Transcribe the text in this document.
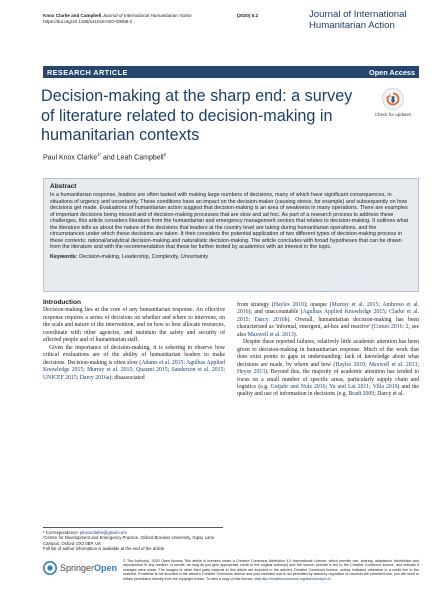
Knox Clarke and Campbell Journal of International Humanitarian Action
https://doi.org/10.1186/s41018-020-00068-2
(2020) 5:2	Journal of International Humanitarian Action
RESEARCH ARTICLE	Open Access
Decision-making at the sharp end: a survey of literature related to decision-making in humanitarian contexts
Check for updates
Paul Knox Clarke$^{1*}$ and Leah Campbell$^2$
Abstract

In a humanitarian response, leaders are often tasked with making large numbers of decisions, many of which have significant consequences, in situations of urgency and uncertainty. These conditions have an impact on the decision-maker (causing stress, for example) and subsequently on how decisions get made. Evaluations of humanitarian action suggest that decision-making is an area of weakness in many operations. There are examples of important decisions being missed and of decision-making processes that are slow and ad hoc. As part of a research process to address these challenges, this article considers literature from the humanitarian and emergency management sectors that relates to decision-making. It outlines what the literature tells us about the nature of the decisions that leaders at the country level are taking during humanitarian operations, and the circumstances under which these decisions are taken. It then considers the potential application of two different types of decision-making process in these contexts: rational/analytical decision-making and naturalistic decision-making. The article concludes with broad hypotheses that can be drawn from the literature and with the recommendation that these be further tested by academics with an interest in the topic.

Keywords: Decision-making, Leadership, Complexity, Uncertainty

Introduction

Decision-making lies at the core of any humanitarian response. An effective response requires a series of decisions on whether and where to intervene, on the scale and nature of the intervention, and on how to best allocate resources, coordinate with other agencies, and maintain the safety and security of affected people and of humanitarian staff.

Given the importance of decision-making, it is sobering to observe how critical evaluations are of the ability of humanitarian leaders to make decisions. Decision-making is often slow (Adams et al. 2015; Agulhas Applied Knowledge 2015; Murray et al. 2015; Quasmi 2015; Sanderson et al. 2015; UNICEF 2015; Darcy 2016a); disassociated

from strategy (Hayles 2010); opaque (Murray et al. 2015; Ambroso et al. 2016); and unaccountable (Agulhas Applied Knowledge 2015; Clarke et al. 2015; Darcy 2016b). Overall, humanitarian decision-making has been characterised as 'informal, emergent, ad-hoc and reactive' (Comes 2016: 2, see also Maxwell et al. 2013).

Despite these reported failures, relatively little academic attention has been given to decision-making in humanitarian response. Much of the work that does exist points to gaps in understanding: lack of knowledge about what decisions are made, by whom and how (Hayles 2010; Maxwell et al. 2013; Heyse 2013). Beyond this, the majority of academic attention has tended to focus on a small number of specific areas, particularly supply chain and logistics (e.g. Gutjahr and Nolz 2016; Yu and Lai 2011; Villa 2019) and the quality and use of information in decisions (e.g. Bradt 2009; Darcy et al.

* Correspondence: pknoxclarke@gmail.com
¹Centre for Development and Emergency Practice, Oxford Brookes University, Gipsy Lane Campus, Oxford OX3 0BP, UK
Full list of author information is available at the end of the article
SpringerOpen
© The Author(s). 2020 Open Access This article is licensed under a Creative Commons Attribution 4.0 International License, which permits use, sharing, adaptation, distribution and reproduction in any medium or format, as long as you give appropriate credit to the original author(s) and the source, provide a link to the Creative Commons licence, and indicate if changes were made. The images or other third party material in this article are included in the article's Creative Commons licence, unless indicated otherwise in a credit line to the material. If material is not included in the article's Creative Commons licence and your intended use is not permitted by statutory regulation or exceeds the permitted use, you will need to obtain permission directly from the copyright holder. To view a copy of this licence, visit http://creativecommons.org/licenses/by/4.0/.
